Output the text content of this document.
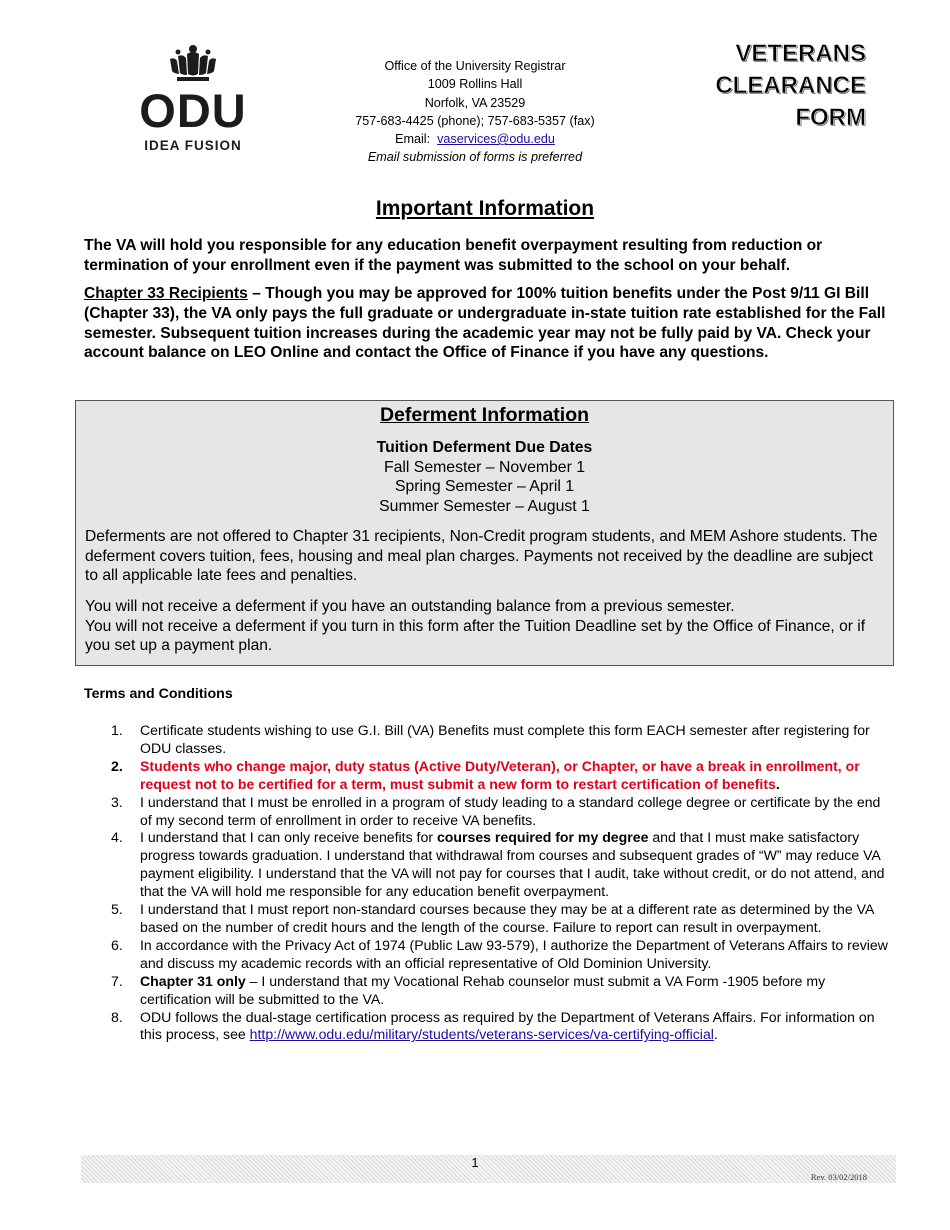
ODU
IDEA FUSION
Office of the University Registrar
1009 Rollins Hall
Norfolk, VA 23529
757-683-4425 (phone); 757-683-5357 (fax)
Email: vaservices@odu.edu
Email submission of forms is preferred
VETERANS
CLEARANCE
FORM
Important Information
The VA will hold you responsible for any education benefit overpayment resulting from reduction or termination of your enrollment even if the payment was submitted to the school on your behalf.
Chapter 33 Recipients – Though you may be approved for 100% tuition benefits under the Post 9/11 GI Bill (Chapter 33), the VA only pays the full graduate or undergraduate in-state tuition rate established for the Fall semester. Subsequent tuition increases during the academic year may not be fully paid by VA. Check your account balance on LEO Online and contact the Office of Finance if you have any questions.
Deferment Information
Tuition Deferment Due Dates
Fall Semester – November 1
Spring Semester – April 1
Summer Semester – August 1
Deferments are not offered to Chapter 31 recipients, Non-Credit program students, and MEM Ashore students. The deferment covers tuition, fees, housing and meal plan charges. Payments not received by the deadline are subject to all applicable late fees and penalties.
You will not receive a deferment if you have an outstanding balance from a previous semester.
You will not receive a deferment if you turn in this form after the Tuition Deadline set by the Office of Finance, or if you set up a payment plan.
Terms and Conditions
1.	Certificate students wishing to use G.I. Bill (VA) Benefits must complete this form EACH semester after registering for ODU classes.
2.	Students who change major, duty status (Active Duty/Veteran), or Chapter, or have a break in enrollment, or request not to be certified for a term, must submit a new form to restart certification of benefits.
3.	I understand that I must be enrolled in a program of study leading to a standard college degree or certificate by the end of my second term of enrollment in order to receive VA benefits.
4.	I understand that I can only receive benefits for courses required for my degree and that I must make satisfactory progress towards graduation. I understand that withdrawal from courses and subsequent grades of “W” may reduce VA payment eligibility. I understand that the VA will not pay for courses that I audit, take without credit, or do not attend, and that the VA will hold me responsible for any education benefit overpayment.
5.	I understand that I must report non-standard courses because they may be at a different rate as determined by the VA based on the number of credit hours and the length of the course. Failure to report can result in overpayment.
6.	In accordance with the Privacy Act of 1974 (Public Law 93-579), I authorize the Department of Veterans Affairs to review and discuss my academic records with an official representative of Old Dominion University.
7.	Chapter 31 only – I understand that my Vocational Rehab counselor must submit a VA Form -1905 before my certification will be submitted to the VA.
8.	ODU follows the dual-stage certification process as required by the Department of Veterans Affairs. For information on this process, see http://www.odu.edu/military/students/veterans-services/va-certifying-official.
1
Rev. 03/02/2018
